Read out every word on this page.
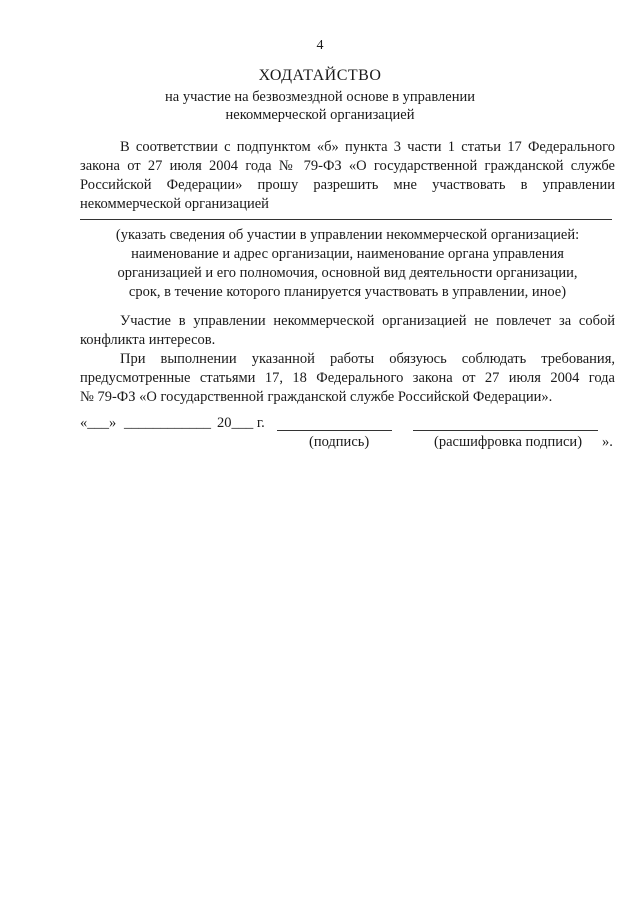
4
ХОДАТАЙСТВО
на участие на безвозмездной основе в управлении
некоммерческой организацией
В соответствии с подпунктом «б» пункта 3 части 1 статьи 17 Федерального
закона от 27 июля 2004 года № 79-ФЗ «О государственной гражданской службе
Российской Федерации» прошу разрешить мне участвовать в управлении
некоммерческой организацией
(указать сведения об участии в управлении некоммерческой организацией:
наименование и адрес организации, наименование органа управления
организацией и его полномочия, основной вид деятельности организации,
срок, в течение которого планируется участвовать в управлении, иное)
Участие в управлении некоммерческой организацией не повлечет за собой
конфликта интересов.
При выполнении указанной работы обязуюсь соблюдать требования,
предусмотренные статьями 17, 18 Федерального закона от 27 июля 2004 года
№ 79-ФЗ «О государственной гражданской службе Российской Федерации».
«___» ____________ 20___ г.
(подпись)	(расшифровка подписи) ».
